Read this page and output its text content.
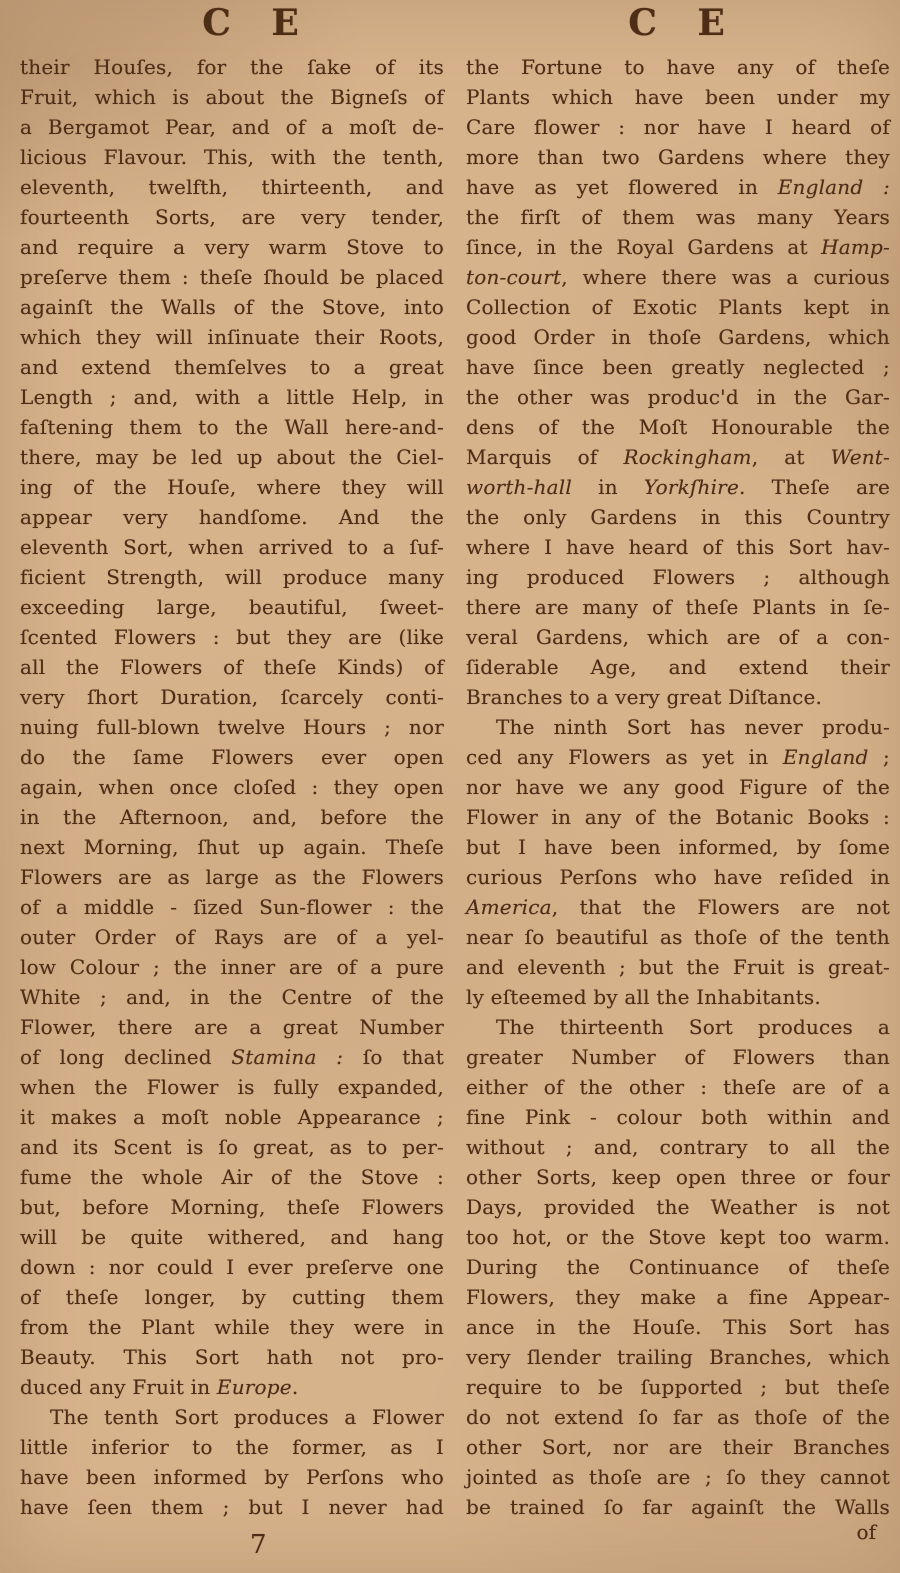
C E	C E
their Houſes, for the ſake of its
Fruit, which is about the Bigneſs of
a Bergamot Pear, and of a moſt de-
licious Flavour. This, with the tenth,
eleventh, twelfth, thirteenth, and
fourteenth Sorts, are very tender,
and require a very warm Stove to
preſerve them : theſe ſhould be placed
againſt the Walls of the Stove, into
which they will inſinuate their Roots,
and extend themſelves to a great
Length ; and, with a little Help, in
faſtening them to the Wall here-and-
there, may be led up about the Ciel-
ing of the Houſe, where they will
appear very handſome. And the
eleventh Sort, when arrived to a ſuf-
ficient Strength, will produce many
exceeding large, beautiful, ſweet-
ſcented Flowers : but they are (like
all the Flowers of theſe Kinds) of
very ſhort Duration, ſcarcely conti-
nuing full-blown twelve Hours ; nor
do the ſame Flowers ever open
again, when once cloſed : they open
in the Afternoon, and, before the
next Morning, ſhut up again. Theſe
Flowers are as large as the Flowers
of a middle - ſized Sun-flower : the
outer Order of Rays are of a yel-
low Colour ; the inner are of a pure
White ; and, in the Centre of the
Flower, there are a great Number
of long declined Stamina : ſo that
when the Flower is fully expanded,
it makes a moſt noble Appearance ;
and its Scent is ſo great, as to per-
fume the whole Air of the Stove :
but, before Morning, theſe Flowers
will be quite withered, and hang
down : nor could I ever preſerve one
of theſe longer, by cutting them
from the Plant while they were in
Beauty. This Sort hath not pro-
duced any Fruit in Europe.
The tenth Sort produces a Flower
little inferior to the former, as I
have been informed by Perſons who
have ſeen them ; but I never had
the Fortune to have any of theſe
Plants which have been under my
Care flower : nor have I heard of
more than two Gardens where they
have as yet flowered in England :
the firſt of them was many Years
ſince, in the Royal Gardens at Hamp-
ton-court, where there was a curious
Collection of Exotic Plants kept in
good Order in thoſe Gardens, which
have ſince been greatly neglected ;
the other was produc'd in the Gar-
dens of the Moſt Honourable the
Marquis of Rockingham, at Went-
worth-hall in Yorkſhire. Theſe are
the only Gardens in this Country
where I have heard of this Sort hav-
ing produced Flowers ; although
there are many of theſe Plants in ſe-
veral Gardens, which are of a con-
ſiderable Age, and extend their
Branches to a very great Diſtance.
The ninth Sort has never produ-
ced any Flowers as yet in England ;
nor have we any good Figure of the
Flower in any of the Botanic Books :
but I have been informed, by ſome
curious Perſons who have reſided in
America, that the Flowers are not
near ſo beautiful as thoſe of the tenth
and eleventh ; but the Fruit is great-
ly eſteemed by all the Inhabitants.
The thirteenth Sort produces a
greater Number of Flowers than
either of the other : theſe are of a
fine Pink - colour both within and
without ; and, contrary to all the
other Sorts, keep open three or four
Days, provided the Weather is not
too hot, or the Stove kept too warm.
During the Continuance of theſe
Flowers, they make a fine Appear-
ance in the Houſe. This Sort has
very ſlender trailing Branches, which
require to be ſupported ; but theſe
do not extend ſo far as thoſe of the
other Sort, nor are their Branches
jointed as thoſe are ; ſo they cannot
be trained ſo far againſt the Walls
7	of
